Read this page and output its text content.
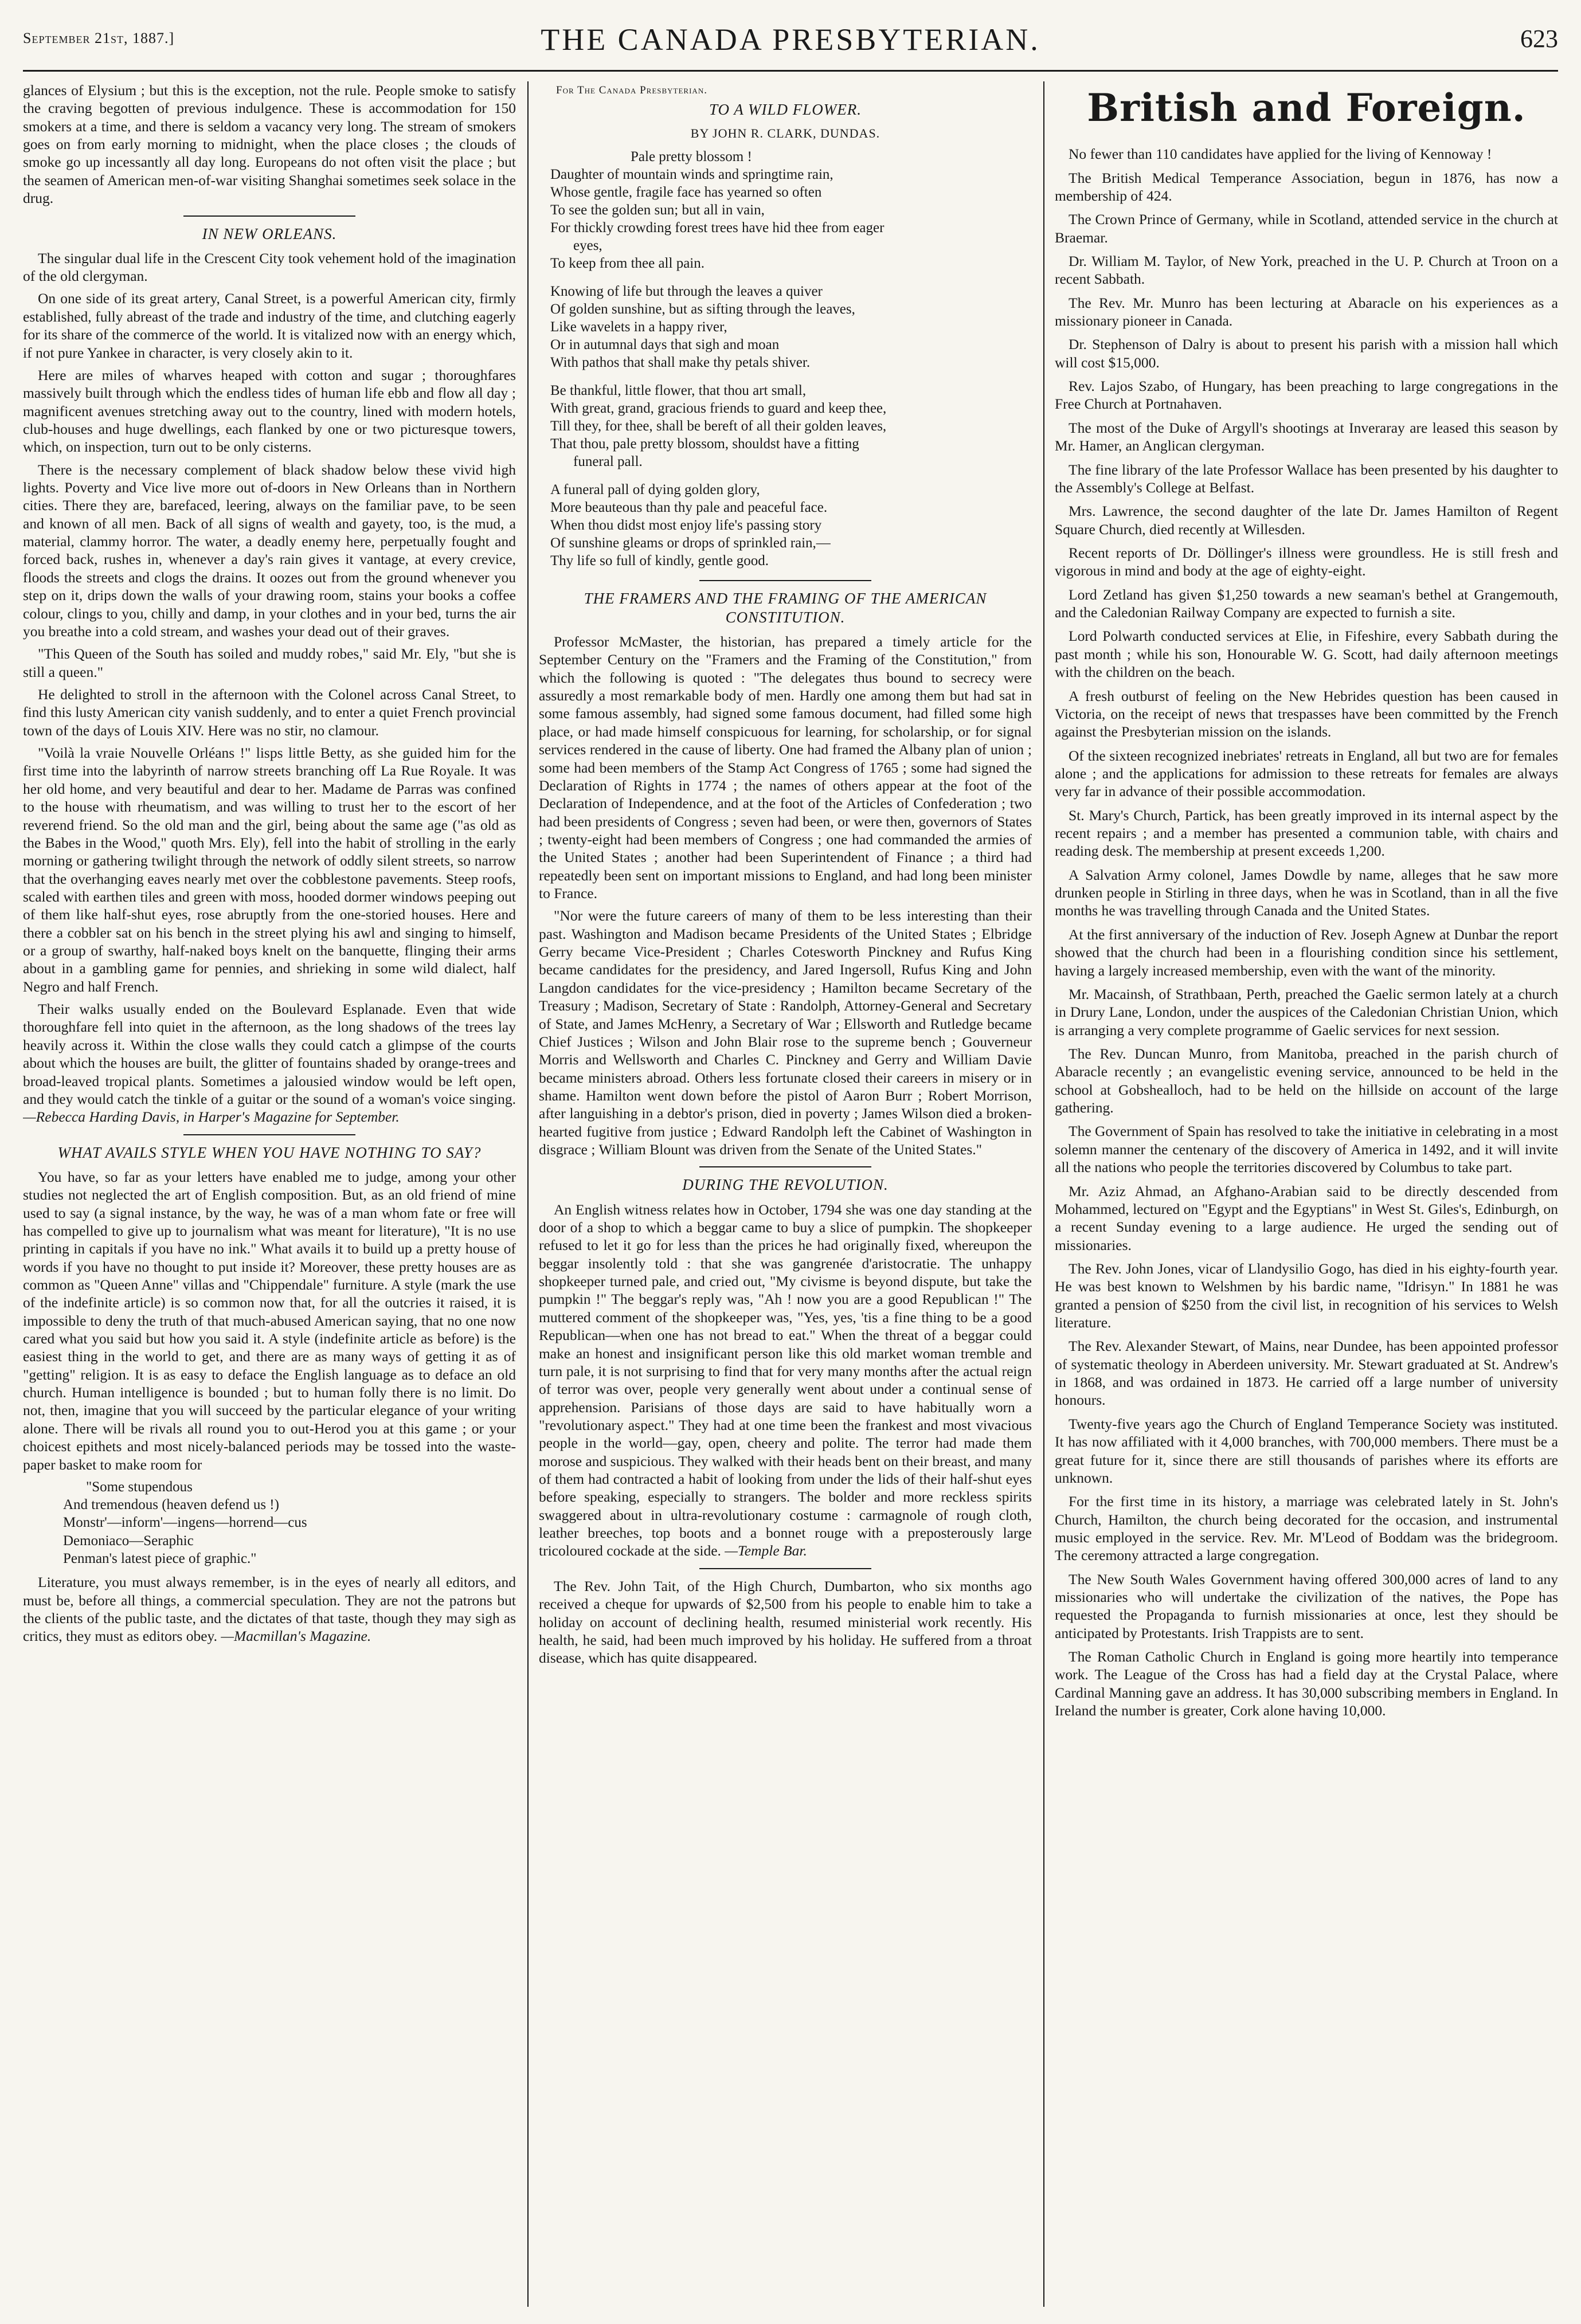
September 21st, 1887.]	THE CANADA PRESBYTERIAN.	623

glances of Elysium ; but this is the exception, not the rule. People smoke to satisfy the craving begotten of previous indulgence. These is accommodation for 150 smokers at a time, and there is seldom a vacancy very long. The stream of smokers goes on from early morning to midnight, when the place closes ; the clouds of smoke go up incessantly all day long. Europeans do not often visit the place ; but the seamen of American men-of-war visiting Shanghai sometimes seek solace in the drug.

IN NEW ORLEANS.

The singular dual life in the Crescent City took vehement hold of the imagination of the old clergyman.

On one side of its great artery, Canal Street, is a powerful American city, firmly established, fully abreast of the trade and industry of the time, and clutching eagerly for its share of the commerce of the world. It is vitalized now with an energy which, if not pure Yankee in character, is very closely akin to it.

Here are miles of wharves heaped with cotton and sugar ; thoroughfares massively built through which the endless tides of human life ebb and flow all day ; magnificent avenues stretching away out to the country, lined with modern hotels, club-houses and huge dwellings, each flanked by one or two picturesque towers, which, on inspection, turn out to be only cisterns.

There is the necessary complement of black shadow below these vivid high lights. Poverty and Vice live more out of-doors in New Orleans than in Northern cities. There they are, barefaced, leering, always on the familiar pave, to be seen and known of all men. Back of all signs of wealth and gayety, too, is the mud, a material, clammy horror. The water, a deadly enemy here, perpetually fought and forced back, rushes in, whenever a day's rain gives it vantage, at every crevice, floods the streets and clogs the drains. It oozes out from the ground whenever you step on it, drips down the walls of your drawing room, stains your books a coffee colour, clings to you, chilly and damp, in your clothes and in your bed, turns the air you breathe into a cold stream, and washes your dead out of their graves.

"This Queen of the South has soiled and muddy robes," said Mr. Ely, "but she is still a queen."

He delighted to stroll in the afternoon with the Colonel across Canal Street, to find this lusty American city vanish suddenly, and to enter a quiet French provincial town of the days of Louis XIV. Here was no stir, no clamour.

"Voilà la vraie Nouvelle Orléans !" lisps little Betty, as she guided him for the first time into the labyrinth of narrow streets branching off La Rue Royale. It was her old home, and very beautiful and dear to her. Madame de Parras was confined to the house with rheumatism, and was willing to trust her to the escort of her reverend friend. So the old man and the girl, being about the same age ("as old as the Babes in the Wood," quoth Mrs. Ely), fell into the habit of strolling in the early morning or gathering twilight through the network of oddly silent streets, so narrow that the overhanging eaves nearly met over the cobblestone pavements. Steep roofs, scaled with earthen tiles and green with moss, hooded dormer windows peeping out of them like half-shut eyes, rose abruptly from the one-storied houses. Here and there a cobbler sat on his bench in the street plying his awl and singing to himself, or a group of swarthy, half-naked boys knelt on the banquette, flinging their arms about in a gambling game for pennies, and shrieking in some wild dialect, half Negro and half French.

Their walks usually ended on the Boulevard Esplanade. Even that wide thoroughfare fell into quiet in the afternoon, as the long shadows of the trees lay heavily across it. Within the close walls they could catch a glimpse of the courts about which the houses are built, the glitter of fountains shaded by orange-trees and broad-leaved tropical plants. Sometimes a jalousied window would be left open, and they would catch the tinkle of a guitar or the sound of a woman's voice singing. —Rebecca Harding Davis, in Harper's Magazine for September.

WHAT AVAILS STYLE WHEN YOU HAVE NOTHING TO SAY?

You have, so far as your letters have enabled me to judge, among your other studies not neglected the art of English composition. But, as an old friend of mine used to say (a signal instance, by the way, he was of a man whom fate or free will has compelled to give up to journalism what was meant for literature), "It is no use printing in capitals if you have no ink." What avails it to build up a pretty house of words if you have no thought to put inside it? Moreover, these pretty houses are as common as "Queen Anne" villas and "Chippendale" furniture. A style (mark the use of the indefinite article) is so common now that, for all the outcries it raised, it is impossible to deny the truth of that much-abused American saying, that no one now cared what you said but how you said it. A style (indefinite article as before) is the easiest thing in the world to get, and there are as many ways of getting it as of "getting" religion. It is as easy to deface the English language as to deface an old church. Human intelligence is bounded ; but to human folly there is no limit. Do not, then, imagine that you will succeed by the particular elegance of your writing alone. There will be rivals all round you to out-Herod you at this game ; or your choicest epithets and most nicely-balanced periods may be tossed into the waste-paper basket to make room for

"Some stupendous
And tremendous (heaven defend us !)
Monstr'—inform'—ingens—horrend—cus
Demoniaco—Seraphic
Penman's latest piece of graphic."

Literature, you must always remember, is in the eyes of nearly all editors, and must be, before all things, a commercial speculation. They are not the patrons but the clients of the public taste, and the dictates of that taste, though they may sigh as critics, they must as editors obey. —Macmillan's Magazine.

For The Canada Presbyterian.
TO A WILD FLOWER.
BY JOHN R. CLARK, DUNDAS.
Pale pretty blossom !
Daughter of mountain winds and springtime rain,
Whose gentle, fragile face has yearned so often
To see the golden sun; but all in vain,
For thickly crowding forest trees have hid thee from eager
eyes,
To keep from thee all pain.
Knowing of life but through the leaves a quiver
Of golden sunshine, but as sifting through the leaves,
Like wavelets in a happy river,
Or in autumnal days that sigh and moan
With pathos that shall make thy petals shiver.
Be thankful, little flower, that thou art small,
With great, grand, gracious friends to guard and keep thee,
Till they, for thee, shall be bereft of all their golden leaves,
That thou, pale pretty blossom, shouldst have a fitting
funeral pall.
A funeral pall of dying golden glory,
More beauteous than thy pale and peaceful face.
When thou didst most enjoy life's passing story
Of sunshine gleams or drops of sprinkled rain,—
Thy life so full of kindly, gentle good.
THE FRAMERS AND THE FRAMING OF THE AMERICAN CONSTITUTION.

Professor McMaster, the historian, has prepared a timely article for the September Century on the "Framers and the Framing of the Constitution," from which the following is quoted : "The delegates thus bound to secrecy were assuredly a most remarkable body of men. Hardly one among them but had sat in some famous assembly, had signed some famous document, had filled some high place, or had made himself conspicuous for learning, for scholarship, or for signal services rendered in the cause of liberty. One had framed the Albany plan of union ; some had been members of the Stamp Act Congress of 1765 ; some had signed the Declaration of Rights in 1774 ; the names of others appear at the foot of the Declaration of Independence, and at the foot of the Articles of Confederation ; two had been presidents of Congress ; seven had been, or were then, governors of States ; twenty-eight had been members of Congress ; one had commanded the armies of the United States ; another had been Superintendent of Finance ; a third had repeatedly been sent on important missions to England, and had long been minister to France.

"Nor were the future careers of many of them to be less interesting than their past. Washington and Madison became Presidents of the United States ; Elbridge Gerry became Vice-President ; Charles Cotesworth Pinckney and Rufus King became candidates for the presidency, and Jared Ingersoll, Rufus King and John Langdon candidates for the vice-presidency ; Hamilton became Secretary of the Treasury ; Madison, Secretary of State : Randolph, Attorney-General and Secretary of State, and James McHenry, a Secretary of War ; Ellsworth and Rutledge became Chief Justices ; Wilson and John Blair rose to the supreme bench ; Gouverneur Morris and Wellsworth and Charles C. Pinckney and Gerry and William Davie became ministers abroad. Others less fortunate closed their careers in misery or in shame. Hamilton went down before the pistol of Aaron Burr ; Robert Morrison, after languishing in a debtor's prison, died in poverty ; James Wilson died a broken-hearted fugitive from justice ; Edward Randolph left the Cabinet of Washington in disgrace ; William Blount was driven from the Senate of the United States."

DURING THE REVOLUTION.

An English witness relates how in October, 1794 she was one day standing at the door of a shop to which a beggar came to buy a slice of pumpkin. The shopkeeper refused to let it go for less than the prices he had originally fixed, whereupon the beggar insolently told : that she was gangrenée d'aristocratie. The unhappy shopkeeper turned pale, and cried out, "My civisme is beyond dispute, but take the pumpkin !" The beggar's reply was, "Ah ! now you are a good Republican !" The muttered comment of the shopkeeper was, "Yes, yes, 'tis a fine thing to be a good Republican—when one has not bread to eat." When the threat of a beggar could make an honest and insignificant person like this old market woman tremble and turn pale, it is not surprising to find that for very many months after the actual reign of terror was over, people very generally went about under a continual sense of apprehension. Parisians of those days are said to have habitually worn a "revolutionary aspect." They had at one time been the frankest and most vivacious people in the world—gay, open, cheery and polite. The terror had made them morose and suspicious. They walked with their heads bent on their breast, and many of them had contracted a habit of looking from under the lids of their half-shut eyes before speaking, especially to strangers. The bolder and more reckless spirits swaggered about in ultra-revolutionary costume : carmagnole of rough cloth, leather breeches, top boots and a bonnet rouge with a preposterously large tricoloured cockade at the side. —Temple Bar.

The Rev. John Tait, of the High Church, Dumbarton, who six months ago received a cheque for upwards of $2,500 from his people to enable him to take a holiday on account of declining health, resumed ministerial work recently. His health, he said, had been much improved by his holiday. He suffered from a throat disease, which has quite disappeared.

British and Foreign.

No fewer than 110 candidates have applied for the living of Kennoway !

The British Medical Temperance Association, begun in 1876, has now a membership of 424.

The Crown Prince of Germany, while in Scotland, attended service in the church at Braemar.

Dr. William M. Taylor, of New York, preached in the U. P. Church at Troon on a recent Sabbath.

The Rev. Mr. Munro has been lecturing at Abaracle on his experiences as a missionary pioneer in Canada.

Dr. Stephenson of Dalry is about to present his parish with a mission hall which will cost $15,000.

Rev. Lajos Szabo, of Hungary, has been preaching to large congregations in the Free Church at Portnahaven.

The most of the Duke of Argyll's shootings at Inveraray are leased this season by Mr. Hamer, an Anglican clergyman.

The fine library of the late Professor Wallace has been presented by his daughter to the Assembly's College at Belfast.

Mrs. Lawrence, the second daughter of the late Dr. James Hamilton of Regent Square Church, died recently at Willesden.

Recent reports of Dr. Döllinger's illness were groundless. He is still fresh and vigorous in mind and body at the age of eighty-eight.

Lord Zetland has given $1,250 towards a new seaman's bethel at Grangemouth, and the Caledonian Railway Company are expected to furnish a site.

Lord Polwarth conducted services at Elie, in Fifeshire, every Sabbath during the past month ; while his son, Honourable W. G. Scott, had daily afternoon meetings with the children on the beach.

A fresh outburst of feeling on the New Hebrides question has been caused in Victoria, on the receipt of news that trespasses have been committed by the French against the Presbyterian mission on the islands.

Of the sixteen recognized inebriates' retreats in England, all but two are for females alone ; and the applications for admission to these retreats for females are always very far in advance of their possible accommodation.

St. Mary's Church, Partick, has been greatly improved in its internal aspect by the recent repairs ; and a member has presented a communion table, with chairs and reading desk. The membership at present exceeds 1,200.

A Salvation Army colonel, James Dowdle by name, alleges that he saw more drunken people in Stirling in three days, when he was in Scotland, than in all the five months he was travelling through Canada and the United States.

At the first anniversary of the induction of Rev. Joseph Agnew at Dunbar the report showed that the church had been in a flourishing condition since his settlement, having a largely increased membership, even with the want of the minority.

Mr. Macainsh, of Strathbaan, Perth, preached the Gaelic sermon lately at a church in Drury Lane, London, under the auspices of the Caledonian Christian Union, which is arranging a very complete programme of Gaelic services for next session.

The Rev. Duncan Munro, from Manitoba, preached in the parish church of Abaracle recently ; an evangelistic evening service, announced to be held in the school at Gobshealloch, had to be held on the hillside on account of the large gathering.

The Government of Spain has resolved to take the initiative in celebrating in a most solemn manner the centenary of the discovery of America in 1492, and it will invite all the nations who people the territories discovered by Columbus to take part.

Mr. Aziz Ahmad, an Afghano-Arabian said to be directly descended from Mohammed, lectured on "Egypt and the Egyptians" in West St. Giles's, Edinburgh, on a recent Sunday evening to a large audience. He urged the sending out of missionaries.

The Rev. John Jones, vicar of Llandysilio Gogo, has died in his eighty-fourth year. He was best known to Welshmen by his bardic name, "Idrisyn." In 1881 he was granted a pension of $250 from the civil list, in recognition of his services to Welsh literature.

The Rev. Alexander Stewart, of Mains, near Dundee, has been appointed professor of systematic theology in Aberdeen university. Mr. Stewart graduated at St. Andrew's in 1868, and was ordained in 1873. He carried off a large number of university honours.

Twenty-five years ago the Church of England Temperance Society was instituted. It has now affiliated with it 4,000 branches, with 700,000 members. There must be a great future for it, since there are still thousands of parishes where its efforts are unknown.

For the first time in its history, a marriage was celebrated lately in St. John's Church, Hamilton, the church being decorated for the occasion, and instrumental music employed in the service. Rev. Mr. M'Leod of Boddam was the bridegroom. The ceremony attracted a large congregation.

The New South Wales Government having offered 300,000 acres of land to any missionaries who will undertake the civilization of the natives, the Pope has requested the Propaganda to furnish missionaries at once, lest they should be anticipated by Protestants. Irish Trappists are to sent.

The Roman Catholic Church in England is going more heartily into temperance work. The League of the Cross has had a field day at the Crystal Palace, where Cardinal Manning gave an address. It has 30,000 subscribing members in England. In Ireland the number is greater, Cork alone having 10,000.
